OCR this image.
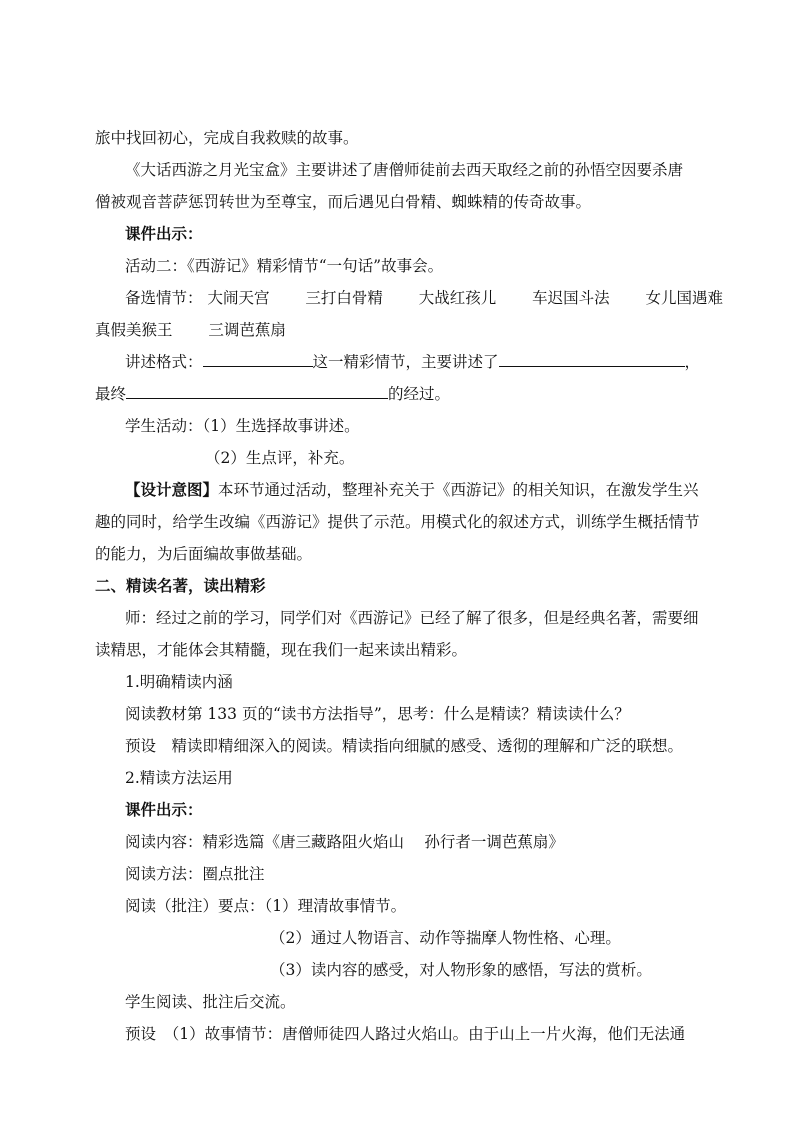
旅中找回初心，完成自我救赎的故事。
《大话西游之月光宝盒》主要讲述了唐僧师徒前去西天取经之前的孙悟空因要杀唐
僧被观音菩萨惩罚转世为至尊宝，而后遇见白骨精、蜘蛛精的传奇故事。
课件出示：
活动二：《西游记》精彩情节“一句话”故事会。
备选情节： 大闹天宫 三打白骨精 大战红孩儿 车迟国斗法 女儿国遇难
真假美猴王 三调芭蕉扇
讲述格式：	这一精彩情节，主要讲述了	，
最终	的经过。
学生活动：（1）生选择故事讲述。
（2）生点评，补充。
【设计意图】本环节通过活动，整理补充关于《西游记》的相关知识，在激发学生兴
趣的同时，给学生改编《西游记》提供了示范。用模式化的叙述方式，训练学生概括情节
的能力，为后面编故事做基础。
二、精读名著，读出精彩
师：经过之前的学习，同学们对《西游记》已经了解了很多，但是经典名著，需要细
读精思，才能体会其精髓，现在我们一起来读出精彩。
1.明确精读内涵
阅读教材第 133 页的“读书方法指导”，思考：什么是精读？精读读什么？
预设　精读即精细深入的阅读。精读指向细腻的感受、透彻的理解和广泛的联想。
2.精读方法运用
课件出示：
阅读内容：精彩选篇《唐三藏路阻火焰山　 孙行者一调芭蕉扇》
阅读方法：圈点批注
阅读（批注）要点：（1）理清故事情节。
（2）通过人物语言、动作等揣摩人物性格、心理。
（3）读内容的感受，对人物形象的感悟，写法的赏析。
学生阅读、批注后交流。
预设　（1）故事情节：唐僧师徒四人路过火焰山。由于山上一片火海，他们无法通
